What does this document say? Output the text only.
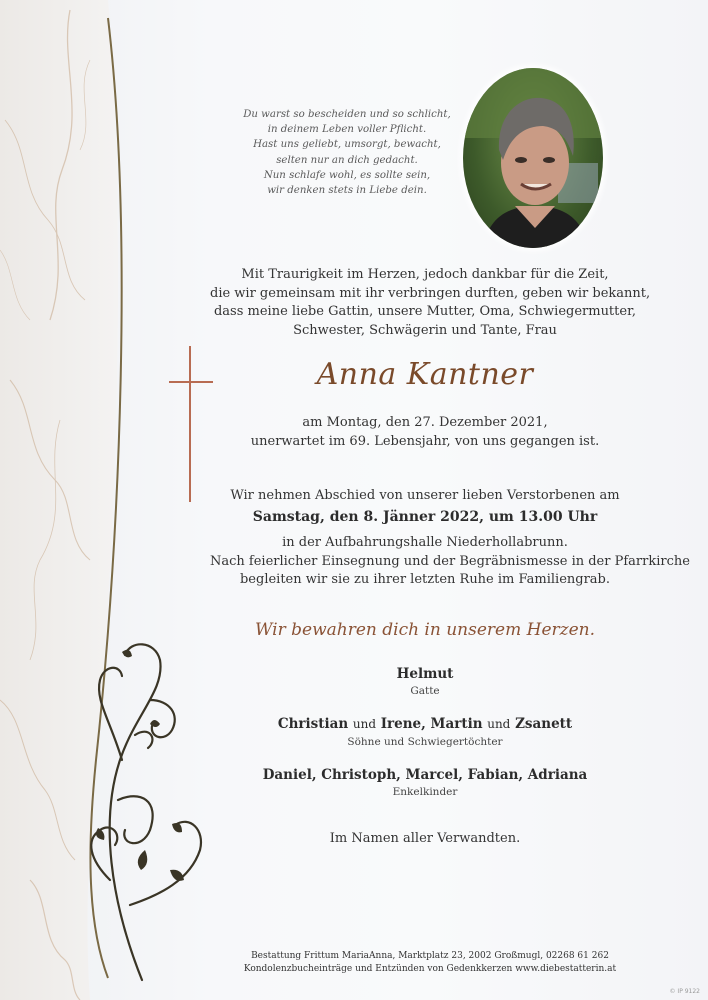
Du warst so bescheiden und so schlicht,
in deinem Leben voller Pflicht.
Hast uns geliebt, umsorgt, bewacht,
selten nur an dich gedacht.
Nun schlafe wohl, es sollte sein,
wir denken stets in Liebe dein.
Mit Traurigkeit im Herzen, jedoch dankbar für die Zeit,
die wir gemeinsam mit ihr verbringen durften, geben wir bekannt,
dass meine liebe Gattin, unsere Mutter, Oma, Schwiegermutter,
Schwester, Schwägerin und Tante, Frau
Anna Kantner
am Montag, den 27. Dezember 2021,
unerwartet im 69. Lebensjahr, von uns gegangen ist.
Wir nehmen Abschied von unserer lieben Verstorbenen am
Samstag, den 8. Jänner 2022, um 13.00 Uhr
in der Aufbahrungshalle Niederhollabrunn.
Nach feierlicher Einsegnung und der Begräbnismesse in der Pfarrkirche
begleiten wir sie zu ihrer letzten Ruhe im Familiengrab.
Wir bewahren dich in unserem Herzen.
Helmut
Gatte
Christian und Irene, Martin und Zsanett
Söhne und Schwiegertöchter
Daniel, Christoph, Marcel, Fabian, Adriana
Enkelkinder
Im Namen aller Verwandten.
Bestattung Frittum MariaAnna, Marktplatz 23, 2002 Großmugl, 02268 61 262
Kondolenzbucheinträge und Entzünden von Gedenkkerzen www.diebestatterin.at
© IP 9122
